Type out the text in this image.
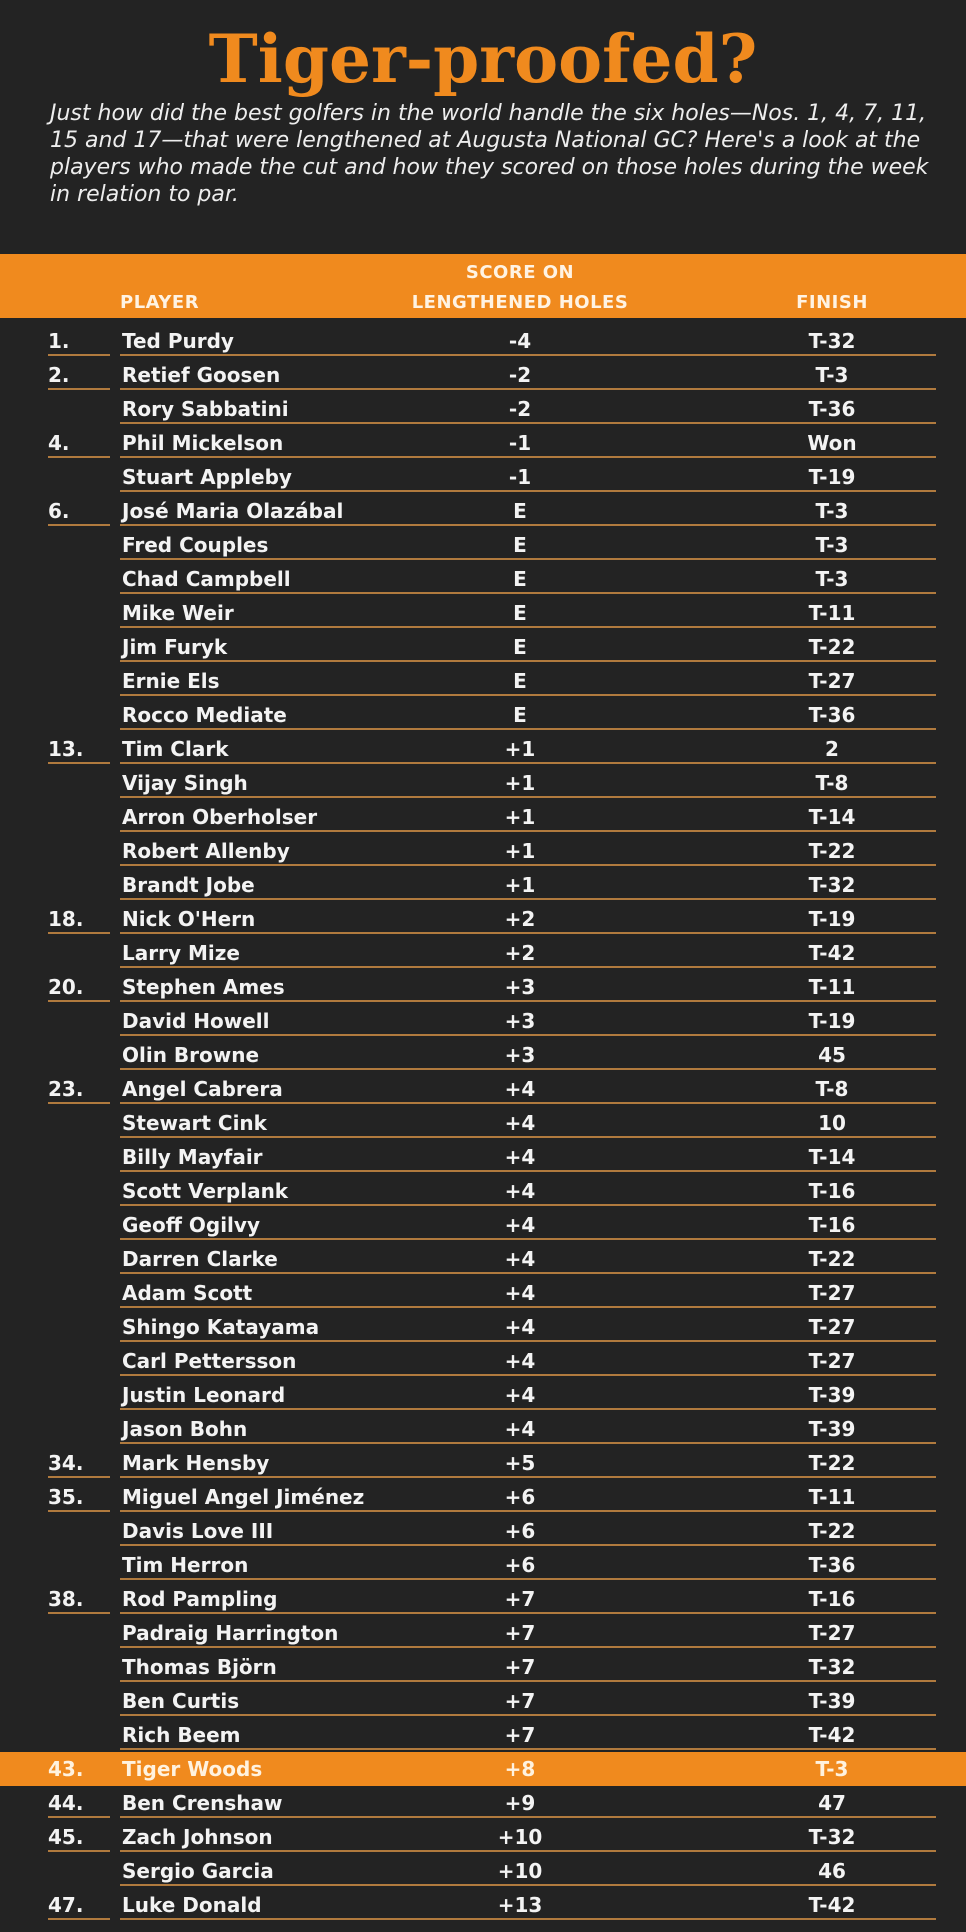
Tiger-proofed?

Just how did the best golfers in the world handle the six holes—Nos. 1, 4, 7, 11, 15 and 17—that were lengthened at Augusta National GC? Here's a look at the players who made the cut and how they scored on those holes during the week in relation to par.

SCORE ON
PLAYER	LENGTHENED HOLES	FINISH
1.	Ted Purdy	-4	T-32
2.	Retief Goosen	-2	T-3
Rory Sabbatini	-2	T-36
4.	Phil Mickelson	-1	Won
Stuart Appleby	-1	T-19
6.	José Maria Olazábal	E	T-3
Fred Couples	E	T-3
Chad Campbell	E	T-3
Mike Weir	E	T-11
Jim Furyk	E	T-22
Ernie Els	E	T-27
Rocco Mediate	E	T-36
13.	Tim Clark	+1	2
Vijay Singh	+1	T-8
Arron Oberholser	+1	T-14
Robert Allenby	+1	T-22
Brandt Jobe	+1	T-32
18.	Nick O'Hern	+2	T-19
Larry Mize	+2	T-42
20.	Stephen Ames	+3	T-11
David Howell	+3	T-19
Olin Browne	+3	45
23.	Angel Cabrera	+4	T-8
Stewart Cink	+4	10
Billy Mayfair	+4	T-14
Scott Verplank	+4	T-16
Geoff Ogilvy	+4	T-16
Darren Clarke	+4	T-22
Adam Scott	+4	T-27
Shingo Katayama	+4	T-27
Carl Pettersson	+4	T-27
Justin Leonard	+4	T-39
Jason Bohn	+4	T-39
34.	Mark Hensby	+5	T-22
35.	Miguel Angel Jiménez	+6	T-11
Davis Love III	+6	T-22
Tim Herron	+6	T-36
38.	Rod Pampling	+7	T-16
Padraig Harrington	+7	T-27
Thomas Björn	+7	T-32
Ben Curtis	+7	T-39
Rich Beem	+7	T-42
43.	Tiger Woods	+8	T-3
44.	Ben Crenshaw	+9	47
45.	Zach Johnson	+10	T-32
Sergio Garcia	+10	46
47.	Luke Donald	+13	T-42
